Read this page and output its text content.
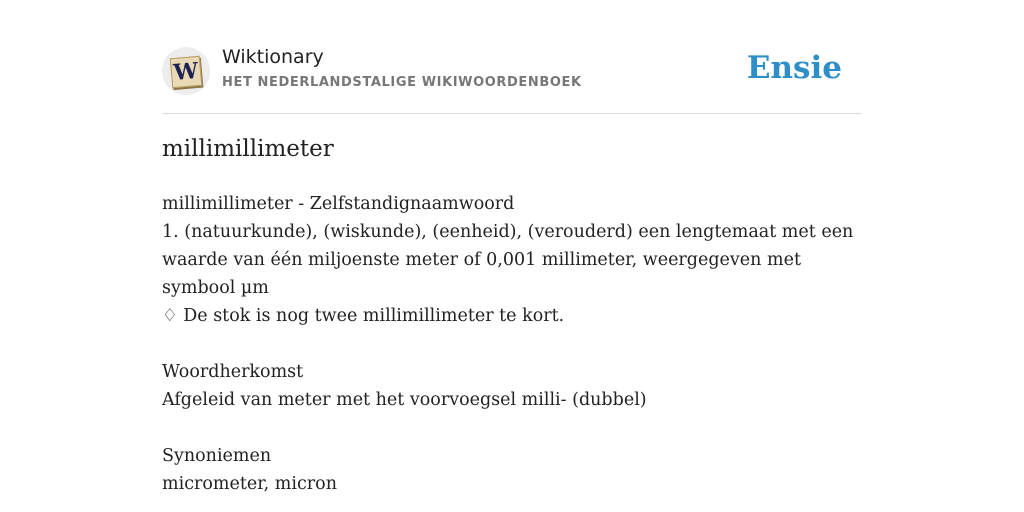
W
Wiktionary
HET NEDERLANDSTALIGE WIKIWOORDENBOEK	Ensie
millimillimeter
millimillimeter - Zelfstandignaamwoord
1. (natuurkunde), (wiskunde), (eenheid), (verouderd) een lengtemaat met een waarde van één miljoenste meter of 0,001 millimeter, weergegeven met symbool µm
♢ De stok is nog twee millimillimeter te kort.
Woordherkomst
Afgeleid van meter met het voorvoegsel milli- (dubbel)
Synoniemen
micrometer, micron
